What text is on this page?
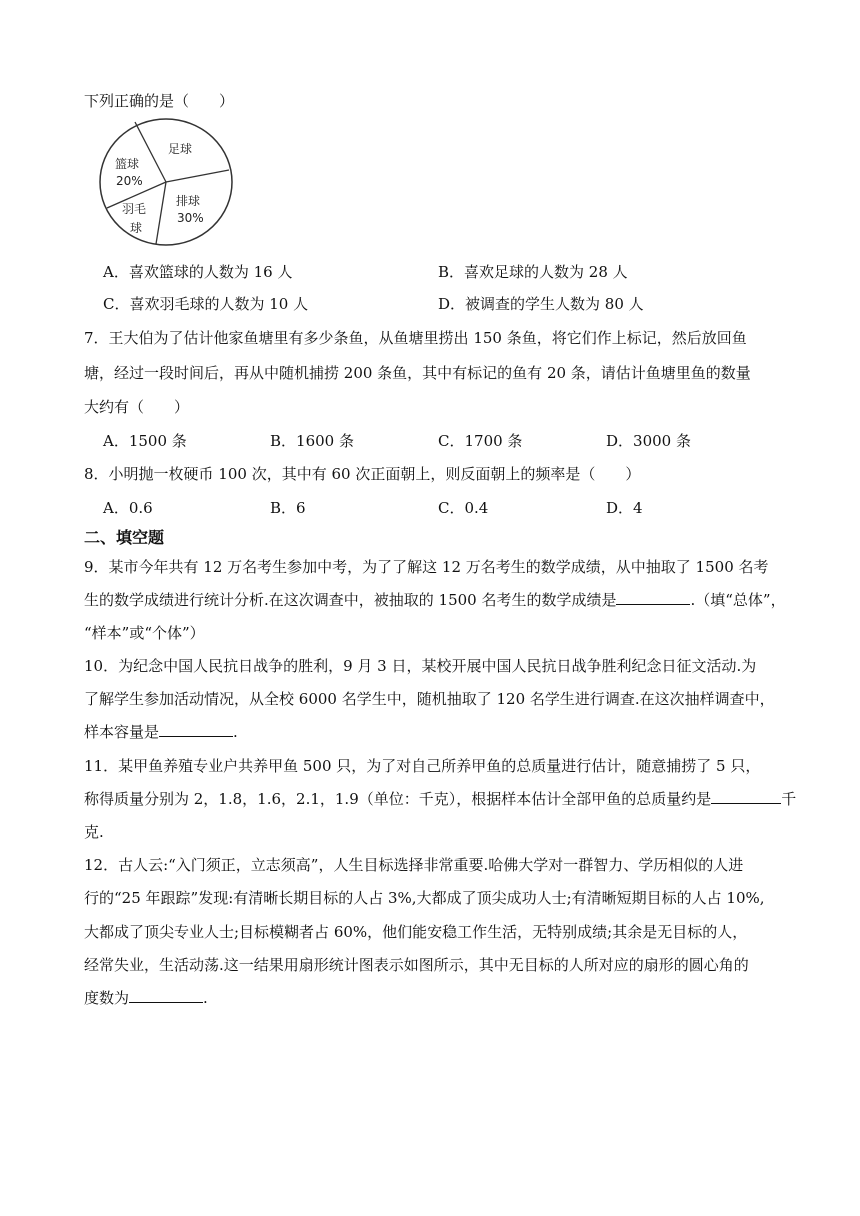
下列正确的是（　　）
足球
篮球
20%
排球
30%
羽毛
球
A．喜欢篮球的人数为 16 人	B．喜欢足球的人数为 28 人
C．喜欢羽毛球的人数为 10 人	D．被调查的学生人数为 80 人
7．王大伯为了估计他家鱼塘里有多少条鱼，从鱼塘里捞出 150 条鱼，将它们作上标记，然后放回鱼
塘，经过一段时间后，再从中随机捕捞 200 条鱼，其中有标记的鱼有 20 条，请估计鱼塘里鱼的数量
大约有（　　）
A．1500 条	B．1600 条	C．1700 条	D．3000 条
8．小明抛一枚硬币 100 次，其中有 60 次正面朝上，则反面朝上的频率是（　　）
A．0.6	B．6	C．0.4	D．4
二、填空题
9．某市今年共有 12 万名考生参加中考，为了了解这 12 万名考生的数学成绩，从中抽取了 1500 名考
生的数学成绩进行统计分析.在这次调查中，被抽取的 1500 名考生的数学成绩是	.（填“总体”，
“样本”或“个体”）
10．为纪念中国人民抗日战争的胜利，9 月 3 日，某校开展中国人民抗日战争胜利纪念日征文活动.为
了解学生参加活动情况，从全校 6000 名学生中，随机抽取了 120 名学生进行调查.在这次抽样调查中，
样本容量是	.
11．某甲鱼养殖专业户共养甲鱼 500 只，为了对自己所养甲鱼的总质量进行估计，随意捕捞了 5 只，
称得质量分别为 2，1.8，1.6，2.1，1.9（单位：千克），根据样本估计全部甲鱼的总质量约是	千
克.
12．古人云:“入门须正，立志须高”，人生目标选择非常重要.哈佛大学对一群智力、学历相似的人进
行的“25 年跟踪”发现:有清晰长期目标的人占 3%,大都成了顶尖成功人士;有清晰短期目标的人占 10%,
大都成了顶尖专业人士;目标模糊者占 60%，他们能安稳工作生活，无特别成绩;其余是无目标的人，
经常失业，生活动荡.这一结果用扇形统计图表示如图所示，其中无目标的人所对应的扇形的圆心角的
度数为	.
